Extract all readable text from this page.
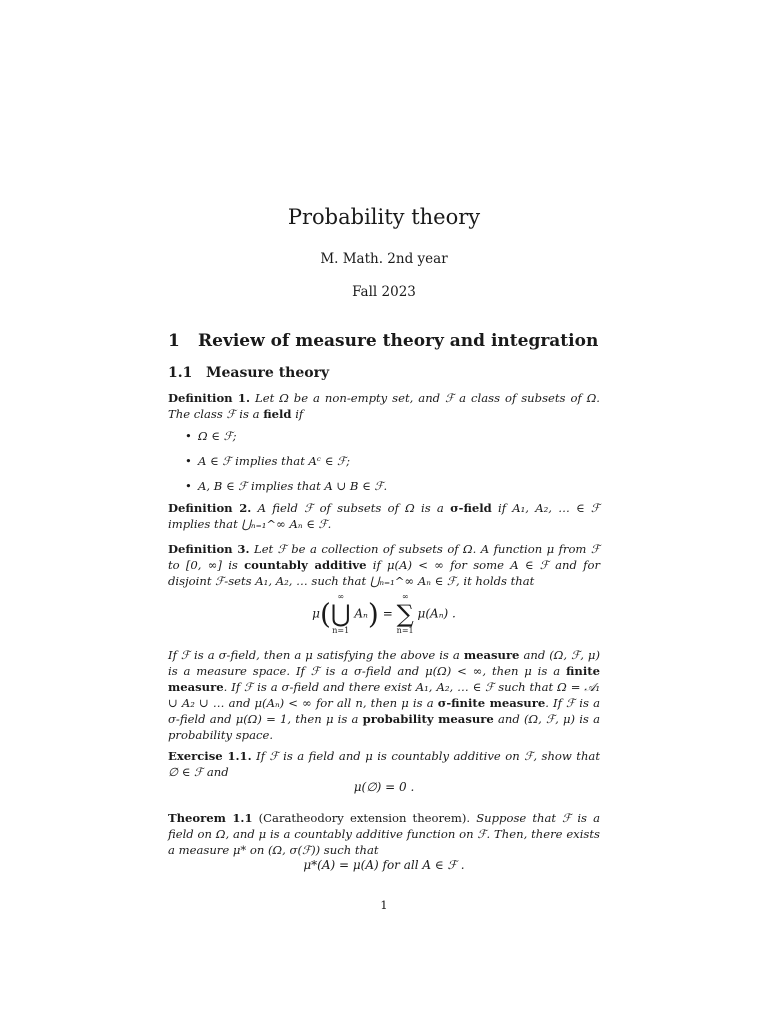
Probability theory
M. Math. 2nd year
Fall 2023
1 Review of measure theory and integration
1.1 Measure theory
Definition 1. Let Ω be a non-empty set, and ℱ a class of subsets of Ω. The class ℱ is a field if
• Ω ∈ ℱ;
• A ∈ ℱ implies that Aᶜ ∈ ℱ;
• A, B ∈ ℱ implies that A ∪ B ∈ ℱ.
Definition 2. A field ℱ of subsets of Ω is a σ-field if A₁, A₂, … ∈ ℱ implies that ⋃ₙ₌₁^∞ Aₙ ∈ ℱ.
Definition 3. Let ℱ be a collection of subsets of Ω. A function μ from ℱ to [0, ∞] is countably additive if μ(A) < ∞ for some A ∈ ℱ and for disjoint ℱ-sets A₁, A₂, … such that ⋃ₙ₌₁^∞ Aₙ ∈ ℱ, it holds that
μ(
∞
⋃
n=1
Aₙ) =
∞
∑
n=1
μ(Aₙ) .
If ℱ is a σ-field, then a μ satisfying the above is a measure and (Ω, ℱ, μ) is a measure space. If ℱ is a σ-field and μ(Ω) < ∞, then μ is a finite measure. If ℱ is a σ-field and there exist A₁, A₂, … ∈ ℱ such that Ω = 𝒜₁ ∪ A₂ ∪ … and μ(Aₙ) < ∞ for all n, then μ is a σ-finite measure. If ℱ is a σ-field and μ(Ω) = 1, then μ is a probability measure and (Ω, ℱ, μ) is a probability space.
Exercise 1.1. If ℱ is a field and μ is countably additive on ℱ, show that ∅ ∈ ℱ and
μ(∅) = 0 .
Theorem 1.1 (Caratheodory extension theorem). Suppose that ℱ is a field on Ω, and μ is a countably additive function on ℱ. Then, there exists a measure μ* on (Ω, σ(ℱ)) such that
μ*(A) = μ(A) for all A ∈ ℱ .
1
